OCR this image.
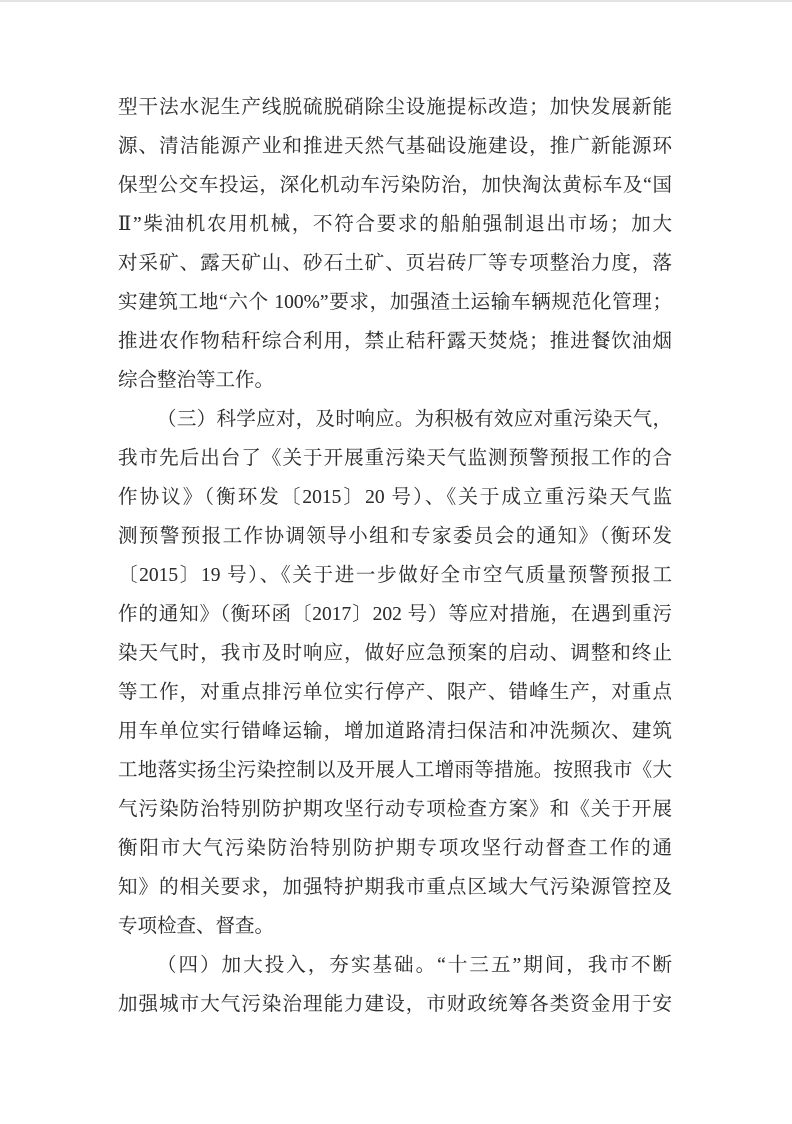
型干法水泥生产线脱硫脱硝除尘设施提标改造；加快发展新能
源、清洁能源产业和推进天然气基础设施建设，推广新能源环
保型公交车投运，深化机动车污染防治，加快淘汰黄标车及“国
Ⅱ”柴油机农用机械，不符合要求的船舶强制退出市场；加大
对采矿、露天矿山、砂石土矿、页岩砖厂等专项整治力度，落
实建筑工地“六个 100%”要求，加强渣土运输车辆规范化管理；
推进农作物秸秆综合利用，禁止秸秆露天焚烧；推进餐饮油烟
综合整治等工作。
（三）科学应对，及时响应。为积极有效应对重污染天气，
我市先后出台了《关于开展重污染天气监测预警预报工作的合
作协议》（衡环发〔2015〕20 号）、《关于成立重污染天气监
测预警预报工作协调领导小组和专家委员会的通知》（衡环发
〔2015〕19 号）、《关于进一步做好全市空气质量预警预报工
作的通知》（衡环函〔2017〕202 号）等应对措施，在遇到重污
染天气时，我市及时响应，做好应急预案的启动、调整和终止
等工作，对重点排污单位实行停产、限产、错峰生产，对重点
用车单位实行错峰运输，增加道路清扫保洁和冲洗频次、建筑
工地落实扬尘污染控制以及开展人工增雨等措施。按照我市《大
气污染防治特别防护期攻坚行动专项检查方案》和《关于开展
衡阳市大气污染防治特别防护期专项攻坚行动督查工作的通
知》的相关要求，加强特护期我市重点区域大气污染源管控及
专项检查、督查。
（四）加大投入，夯实基础。“十三五”期间，我市不断
加强城市大气污染治理能力建设，市财政统筹各类资金用于安
